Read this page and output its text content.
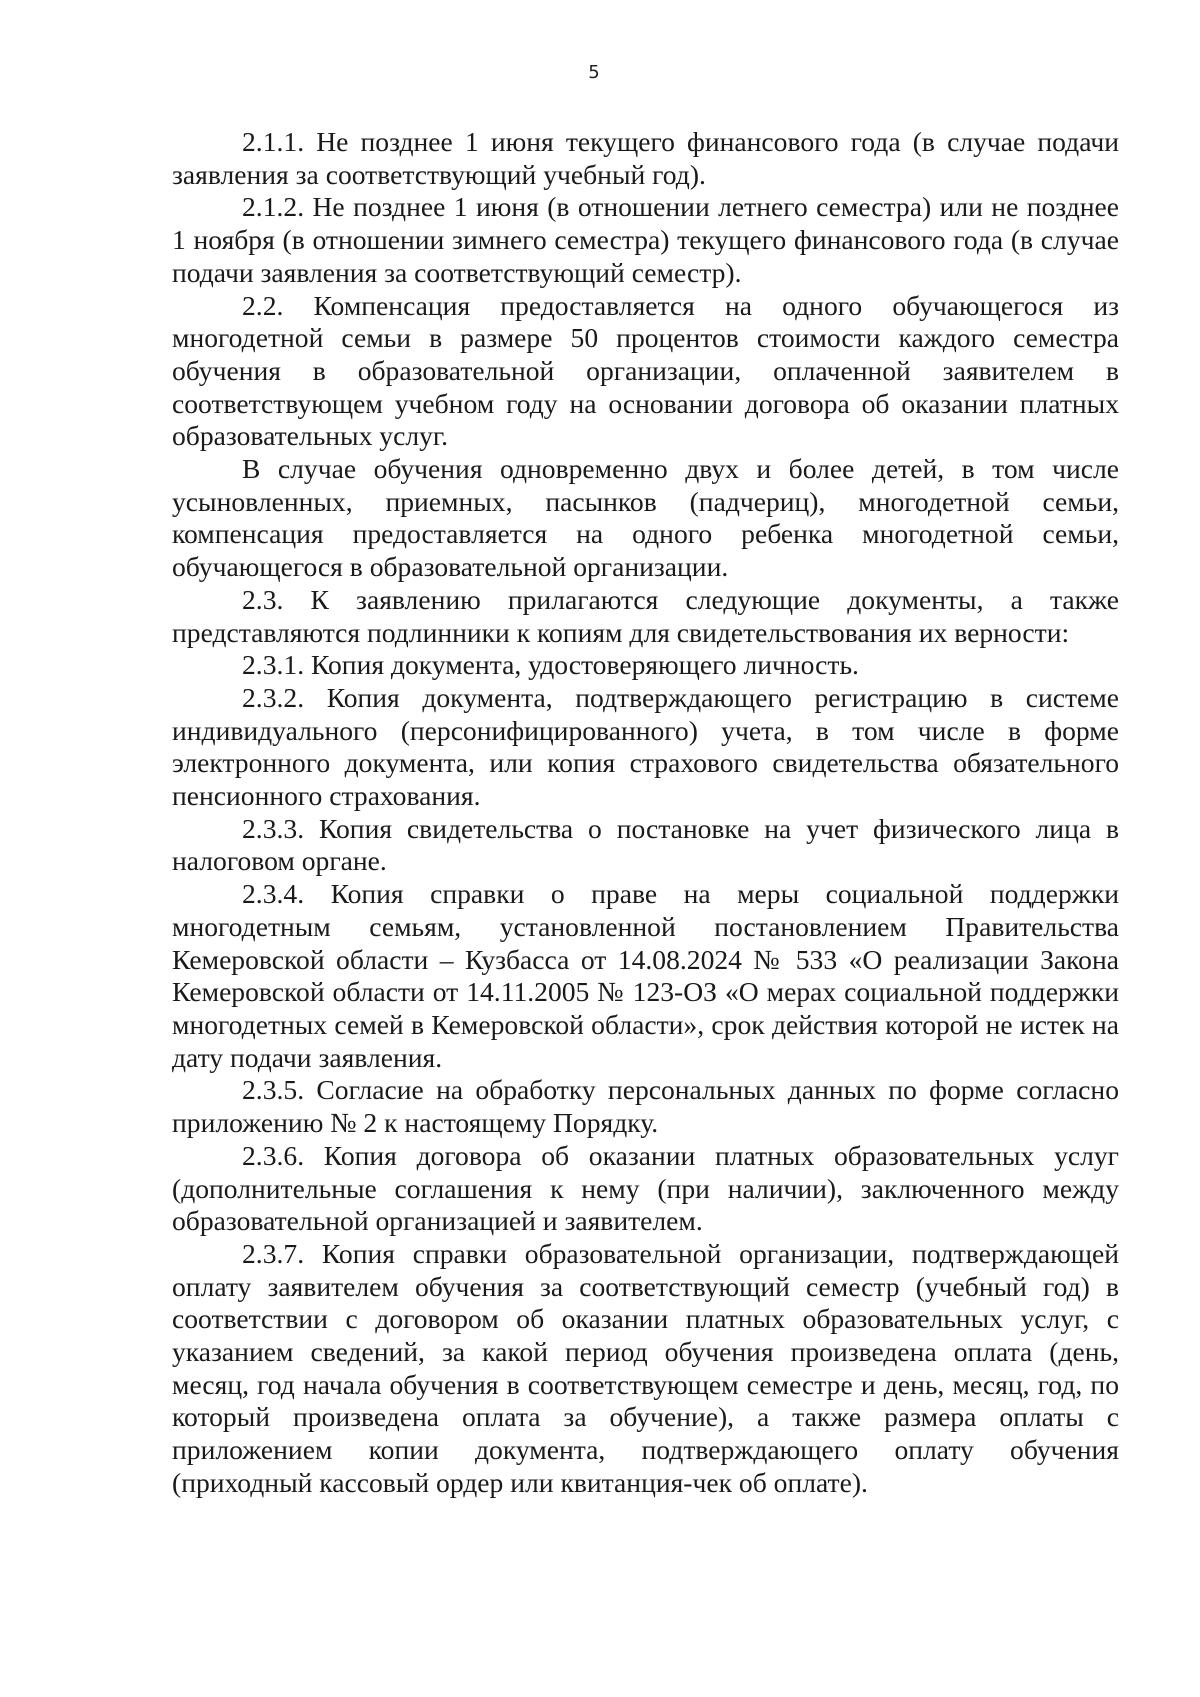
5

2.1.1. Не позднее 1 июня текущего финансового года (в случае подачи заявления за соответствующий учебный год).

2.1.2. Не позднее 1 июня (в отношении летнего семестра) или не позднее 1 ноября (в отношении зимнего семестра) текущего финансового года (в случае подачи заявления за соответствующий семестр).

2.2. Компенсация предоставляется на одного обучающегося из многодетной семьи в размере 50 процентов стоимости каждого семестра обучения в образовательной организации, оплаченной заявителем в соответствующем учебном году на основании договора об оказании платных образовательных услуг.

В случае обучения одновременно двух и более детей, в том числе усыновленных, приемных, пасынков (падчериц), многодетной семьи, компенсация предоставляется на одного ребенка многодетной семьи, обучающегося в образовательной организации.

2.3. К заявлению прилагаются следующие документы, а также представляются подлинники к копиям для свидетельствования их верности:

2.3.1. Копия документа, удостоверяющего личность.

2.3.2. Копия документа, подтверждающего регистрацию в системе индивидуального (персонифицированного) учета, в том числе в форме электронного документа, или копия страхового свидетельства обязательного пенсионного страхования.

2.3.3. Копия свидетельства о постановке на учет физического лица в налоговом органе.

2.3.4. Копия справки о праве на меры социальной поддержки многодетным семьям, установленной постановлением Правительства Кемеровской области – Кузбасса от 14.08.2024 № 533 «О реализации Закона Кемеровской области от 14.11.2005 № 123-ОЗ «О мерах социальной поддержки многодетных семей в Кемеровской области», срок действия которой не истек на дату подачи заявления.

2.3.5. Согласие на обработку персональных данных по форме согласно приложению № 2 к настоящему Порядку.

2.3.6. Копия договора об оказании платных образовательных услуг (дополнительные соглашения к нему (при наличии), заключенного между образовательной организацией и заявителем.

2.3.7. Копия справки образовательной организации, подтверждающей оплату заявителем обучения за соответствующий семестр (учебный год) в соответствии с договором об оказании платных образовательных услуг, с указанием сведений, за какой период обучения произведена оплата (день, месяц, год начала обучения в соответствующем семестре и день, месяц, год, по который произведена оплата за обучение), а также размера оплаты с приложением копии документа, подтверждающего оплату обучения (приходный кассовый ордер или квитанция-чек об оплате).
